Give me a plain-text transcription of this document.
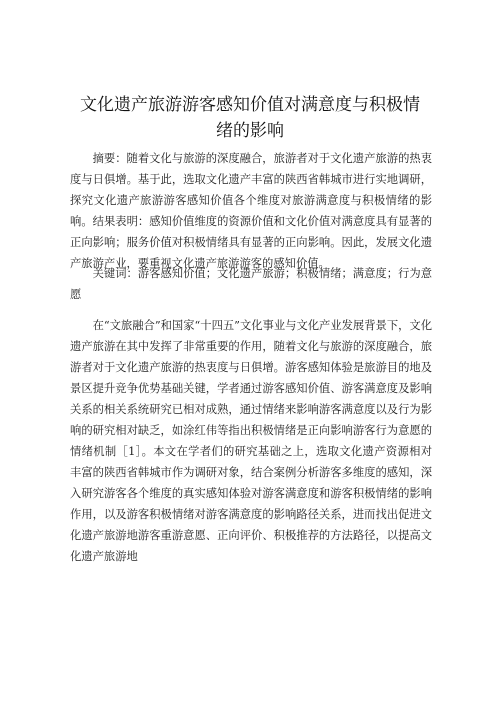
文化遗产旅游游客感知价值对满意度与积极情
绪的影响

摘要：随着文化与旅游的深度融合，旅游者对于文化遗产旅游的热衷度与日俱增。基于此，选取文化遗产丰富的陕西省韩城市进行实地调研，探究文化遗产旅游游客感知价值各个维度对旅游满意度与积极情绪的影响。结果表明：感知价值维度的资源价值和文化价值对满意度具有显著的正向影响；服务价值对积极情绪具有显著的正向影响。因此，发展文化遗产旅游产业，要重视文化遗产旅游游客的感知价值。

关键词：游客感知价值；文化遗产旅游；积极情绪；满意度；行为意愿

在“文旅融合”和国家“十四五”文化事业与文化产业发展背景下，文化遗产旅游在其中发挥了非常重要的作用，随着文化与旅游的深度融合，旅游者对于文化遗产旅游的热衷度与日俱增。游客感知体验是旅游目的地及景区提升竞争优势基础关键，学者通过游客感知价值、游客满意度及影响关系的相关系统研究已相对成熟，通过情绪来影响游客满意度以及行为影响的研究相对缺乏，如涂红伟等指出积极情绪是正向影响游客行为意愿的情绪机制［1］。本文在学者们的研究基础之上，选取文化遗产资源相对丰富的陕西省韩城市作为调研对象，结合案例分析游客多维度的感知，深入研究游客各个维度的真实感知体验对游客满意度和游客积极情绪的影响作用，以及游客积极情绪对游客满意度的影响路径关系，进而找出促进文化遗产旅游地游客重游意愿、正向评价、积极推荐的方法路径，以提高文化遗产旅游地
